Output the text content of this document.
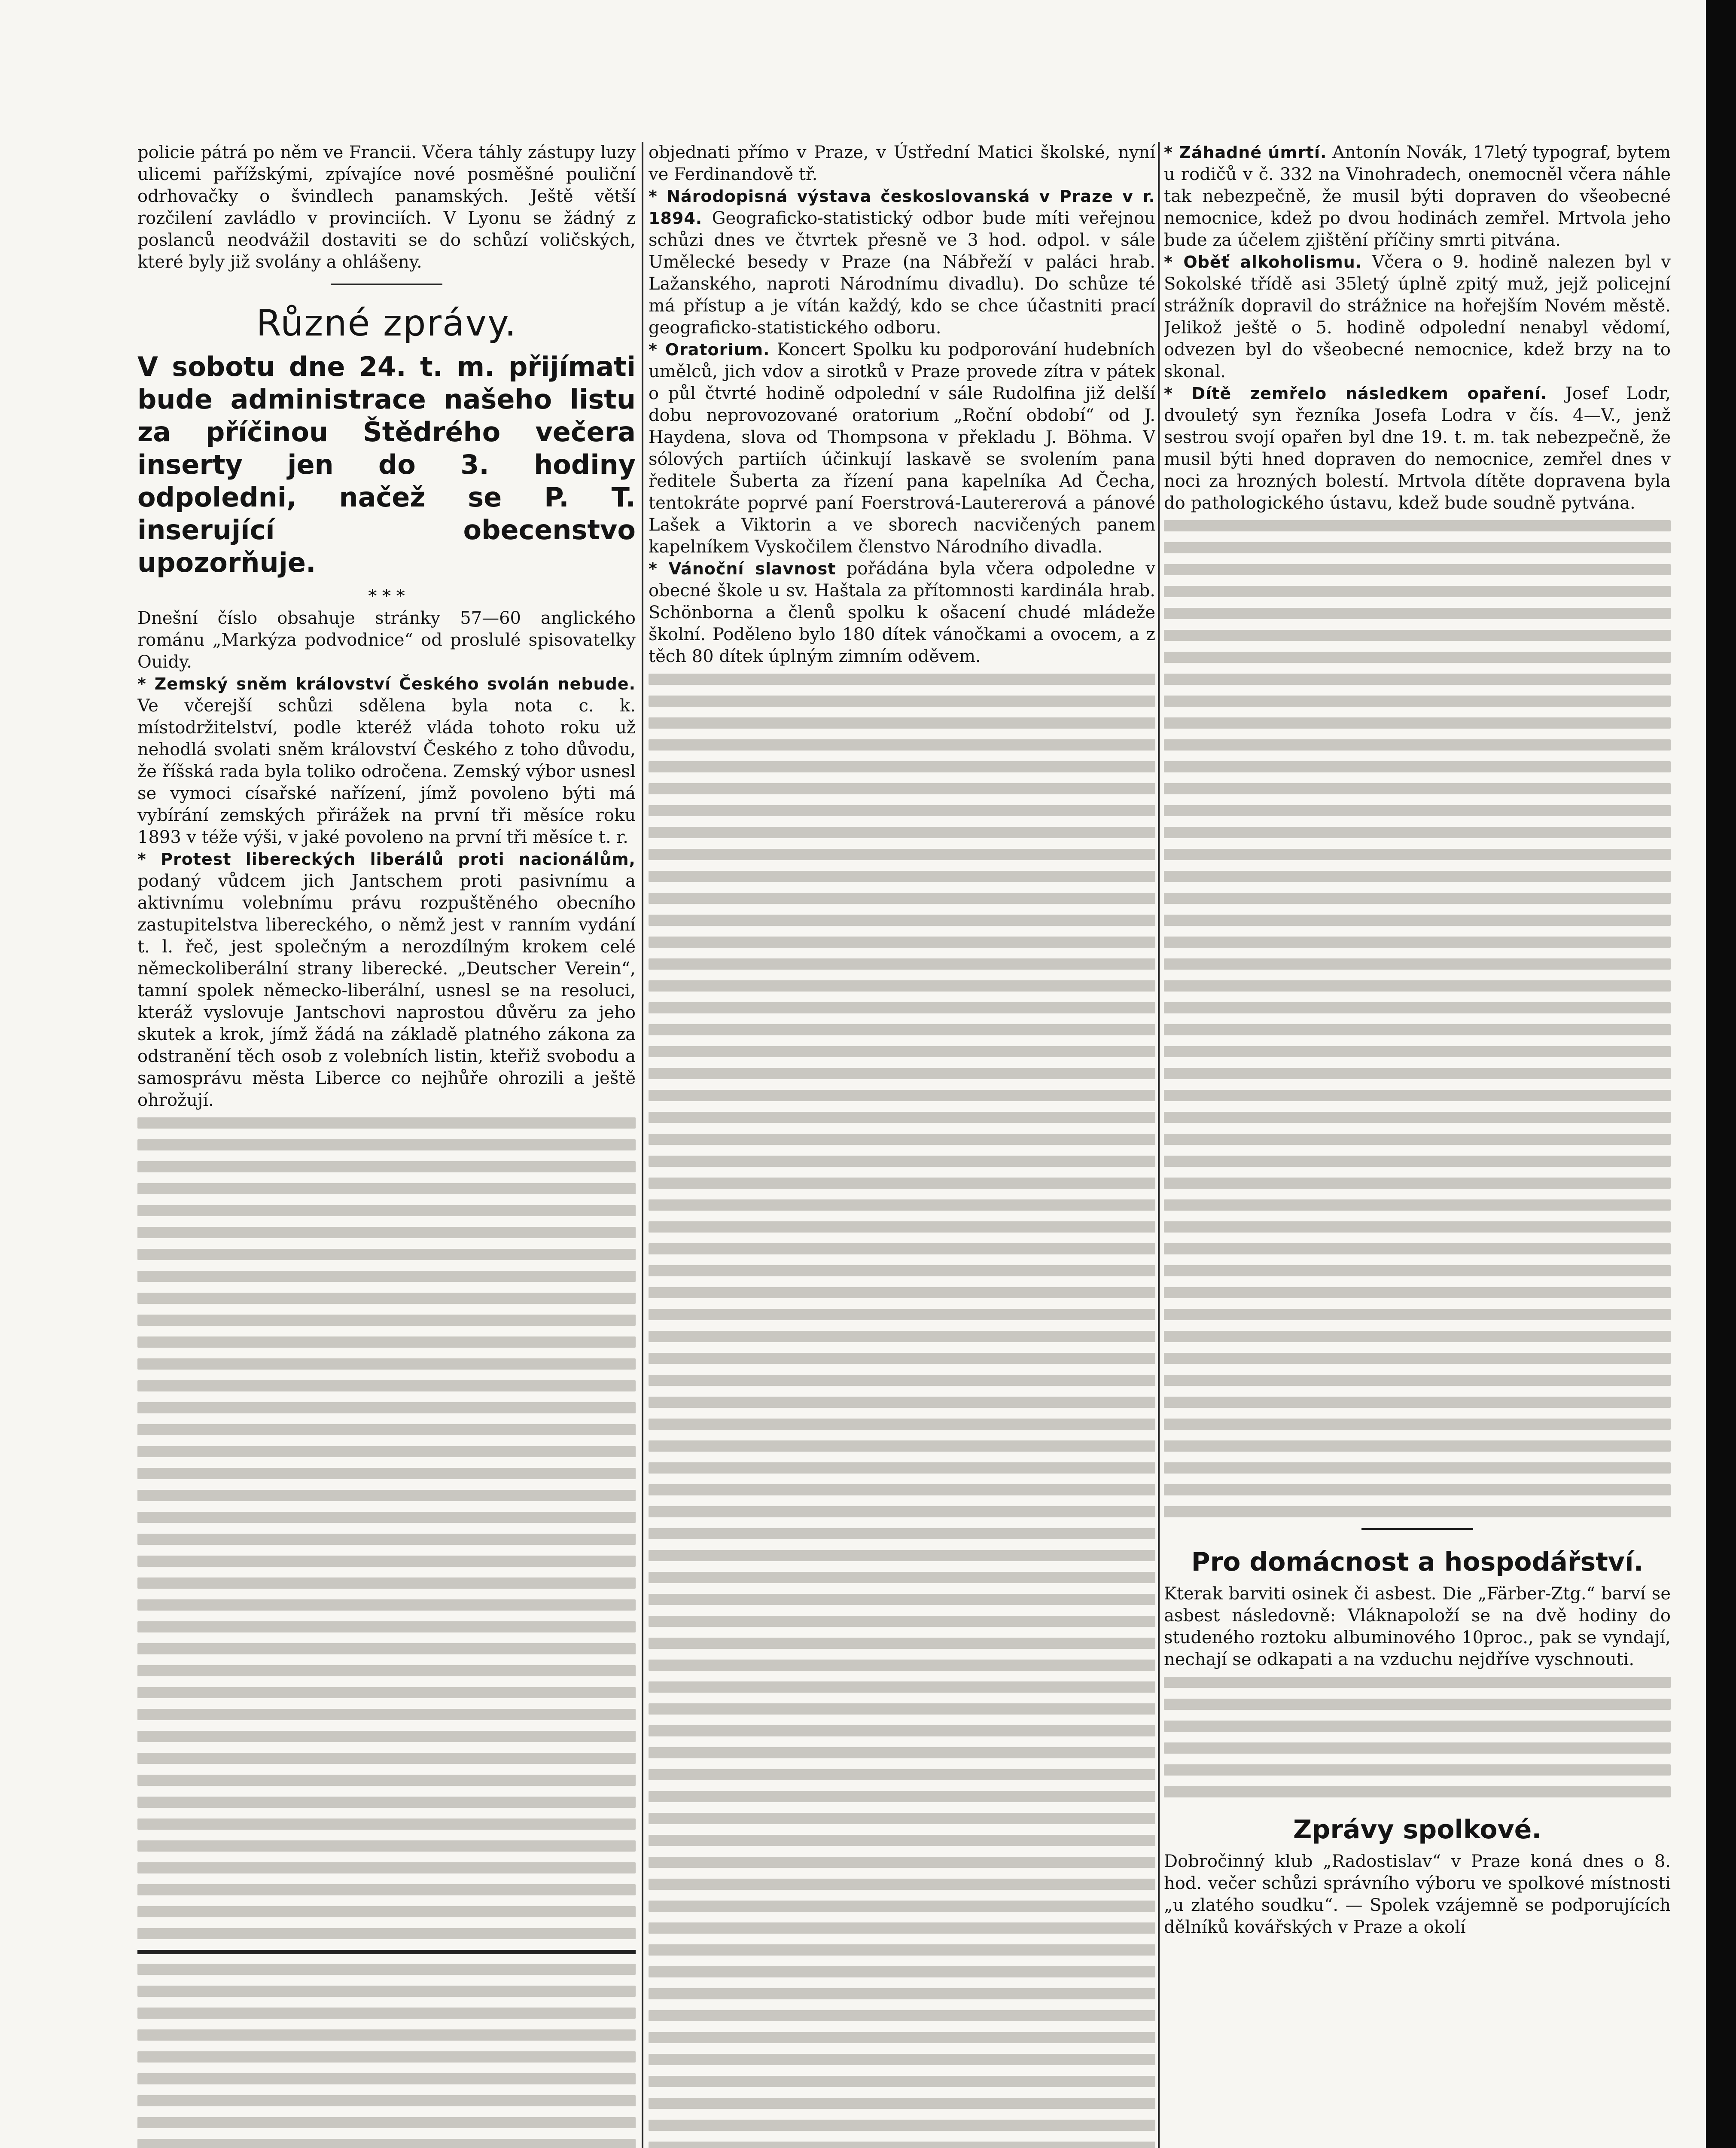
policie pátrá po něm ve Francii. Včera táhly zástupy luzy ulicemi pařížskými, zpívajíce nové posměšné pouliční odrhovačky o švindlech panamských. Ještě větší rozčilení zavládlo v provinciích. V Lyonu se žádný z poslanců neodvážil dostaviti se do schůzí voličských, které byly již svolány a ohlášeny.

Různé zprávy.
V sobotu dne 24. t. m. přijímati bude administrace našeho listu za příčinou Štědrého večera inserty jen do 3. hodiny odpoledni, načež se P. T. inserující obecenstvo upozorňuje.
* * *

Dnešní číslo obsahuje stránky 57—60 anglického románu „Markýza podvodnice“ od proslulé spisovatelky Ouidy.

* Zemský sněm království Českého svolán nebude. Ve včerejší schůzi sdělena byla nota c. k. místodržitelství, podle kteréž vláda tohoto roku už nehodlá svolati sněm království Českého z toho důvodu, že říšská rada byla toliko odročena. Zemský výbor usnesl se vymoci císařské nařízení, jímž povoleno býti má vybírání zemských přirážek na první tři měsíce roku 1893 v téže výši, v jaké povoleno na první tři měsíce t. r.

* Protest libereckých liberálů proti nacionálům, podaný vůdcem jich Jantschem proti pasivnímu a aktivnímu volebnímu právu rozpuštěného obecního zastupitelstva libereckého, o němž jest v ranním vydání t. l. řeč, jest společným a nerozdílným krokem celé německoliberální strany liberecké. „Deutscher Verein“, tamní spolek německo-liberální, usnesl se na resoluci, kteráž vyslovuje Jantschovi naprostou důvěru za jeho skutek a krok, jímž žádá na základě platného zákona za odstranění těch osob z volebních listin, kteřiž svobodu a samosprávu města Liberce co nejhůře ohrozili a ještě ohrožují.

objednati přímo v Praze, v Ústřední Matici školské, nyní ve Ferdinandově tř.

* Národopisná výstava českoslovanská v Praze v r. 1894. Geograficko-statistický odbor bude míti veřejnou schůzi dnes ve čtvrtek přesně ve 3 hod. odpol. v sále Umělecké besedy v Praze (na Nábřeží v paláci hrab. Lažanského, naproti Národnímu divadlu). Do schůze té má přístup a je vítán každý, kdo se chce účastniti prací geograficko-statistického odboru.

* Oratorium. Koncert Spolku ku podporování hudebních umělců, jich vdov a sirotků v Praze provede zítra v pátek o půl čtvrté hodině odpolední v sále Rudolfina již delší dobu neprovozované oratorium „Roční období“ od J. Haydena, slova od Thompsona v překladu J. Böhma. V sólových partiích účinkují laskavě se svolením pana ředitele Šuberta za řízení pana kapelníka Ad Čecha, tentokráte poprvé paní Foerstrová-Lautererová a pánové Lašek a Viktorin a ve sborech nacvičených panem kapelníkem Vyskočilem členstvo Národního divadla.

* Vánoční slavnost pořádána byla včera odpoledne v obecné škole u sv. Haštala za přítomnosti kardinála hrab. Schönborna a členů spolku k ošacení chudé mládeže školní. Poděleno bylo 180 dítek vánočkami a ovocem, a z těch 80 dítek úplným zimním oděvem.

* Záhadné úmrtí. Antonín Novák, 17letý typograf, bytem u rodičů v č. 332 na Vinohradech, onemocněl včera náhle tak nebezpečně, že musil býti dopraven do všeobecné nemocnice, kdež po dvou hodinách zemřel. Mrtvola jeho bude za účelem zjištění příčiny smrti pitvána.

* Oběť alkoholismu. Včera o 9. hodině nalezen byl v Sokolské třídě asi 35letý úplně zpitý muž, jejž policejní strážník dopravil do strážnice na hořejším Novém městě. Jelikož ještě o 5. hodině odpolední nenabyl vědomí, odvezen byl do všeobecné nemocnice, kdež brzy na to skonal.

* Dítě zemřelo následkem opaření. Josef Lodr, dvouletý syn řezníka Josefa Lodra v čís. 4—V., jenž sestrou svojí opařen byl dne 19. t. m. tak nebezpečně, že musil býti hned dopraven do nemocnice, zemřel dnes v noci za hrozných bolestí. Mrtvola dítěte dopravena byla do pathologického ústavu, kdež bude soudně pytvána.

Pro domácnost a hospodářství.

Kterak barviti osinek či asbest. Die „Färber-Ztg.“ barví se asbest následovně: Vláknapoloží se na dvě hodiny do studeného roztoku albuminového 10proc., pak se vyndají, nechají se odkapati a na vzduchu nejdříve vyschnouti.

Zprávy spolkové.

Dobročinný klub „Radostislav“ v Praze koná dnes o 8. hod. večer schůzi správního výboru ve spolkové místnosti „u zlatého soudku“. — Spolek vzájemně se podporujících dělníků kovářských v Praze a okolí
